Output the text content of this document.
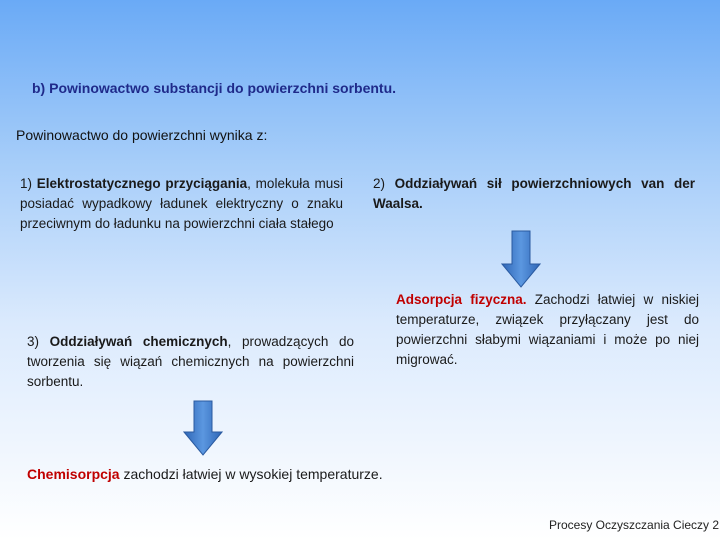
b) Powinowactwo substancji do powierzchni sorbentu.
Powinowactwo do powierzchni wynika z:
1) Elektrostatycznego przyciągania, molekuła musi posiadać wypadkowy ładunek elektryczny o znaku przeciwnym do ładunku na powierzchni ciała stałego
2) Oddziaływań sił powierzchniowych van der Waalsa.
Adsorpcja fizyczna. Zachodzi łatwiej w niskiej temperaturze, związek przyłączany jest do powierzchni słabymi wiązaniami i może po niej migrować.
3) Oddziaływań chemicznych, prowadzących do tworzenia się wiązań chemicznych na powierzchni sorbentu.
Chemisorpcja zachodzi łatwiej w wysokiej temperaturze.
Procesy Oczyszczania Cieczy 2
